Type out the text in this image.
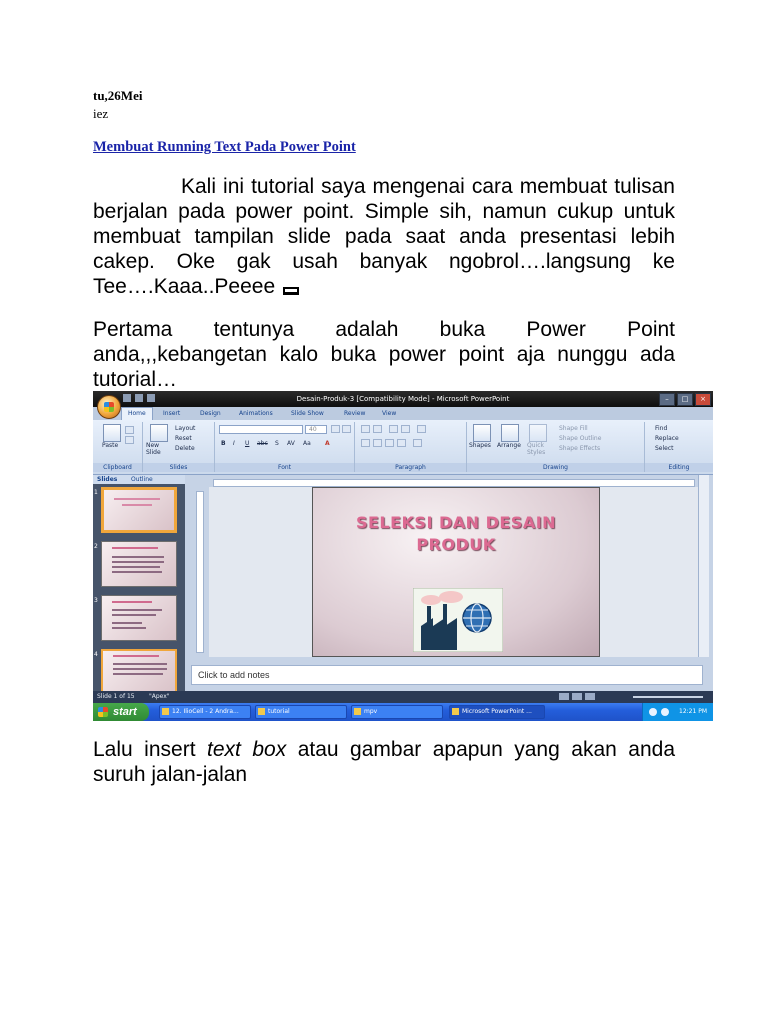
tu,26Mei
iez
Membuat Running Text Pada Power Point

Kali ini tutorial saya mengenai cara membuat tulisan berjalan pada power point. Simple sih, namun cukup untuk membuat tampilan slide pada saat anda presentasi lebih cakep. Oke gak usah banyak ngobrol….langsung ke Tee….Kaaa..Peeee

Pertama tentunya adalah buka Power Point anda,,,kebangetan kalo buka power point aja nunggu ada tutorial…

Desain-Produk-3 [Compatibility Mode] - Microsoft PowerPoint	–	□	×
Home	Insert	Design	Animations	Slide Show	Review	View
Paste
Clipboard
New Slide
Layout
Reset
Delete
Slides
40
B I U abc S AV Aa A
Font	Paragraph
Shapes Arrange Quick Styles
Shape Fill
Shape Outline
Shape Effects
Drawing
Find
Replace
Select
Editing
Slides Outline
1
2
3
4
SELEKSI DAN DESAIN
PRODUK
Click to add notes
Slide 1 of 15 "Apex"
start	12. IlioCell - 2 Andra...	tutorial	mpv	Microsoft PowerPoint ...	12:21 PM

Lalu insert text box atau gambar apapun yang akan anda suruh jalan-jalan
